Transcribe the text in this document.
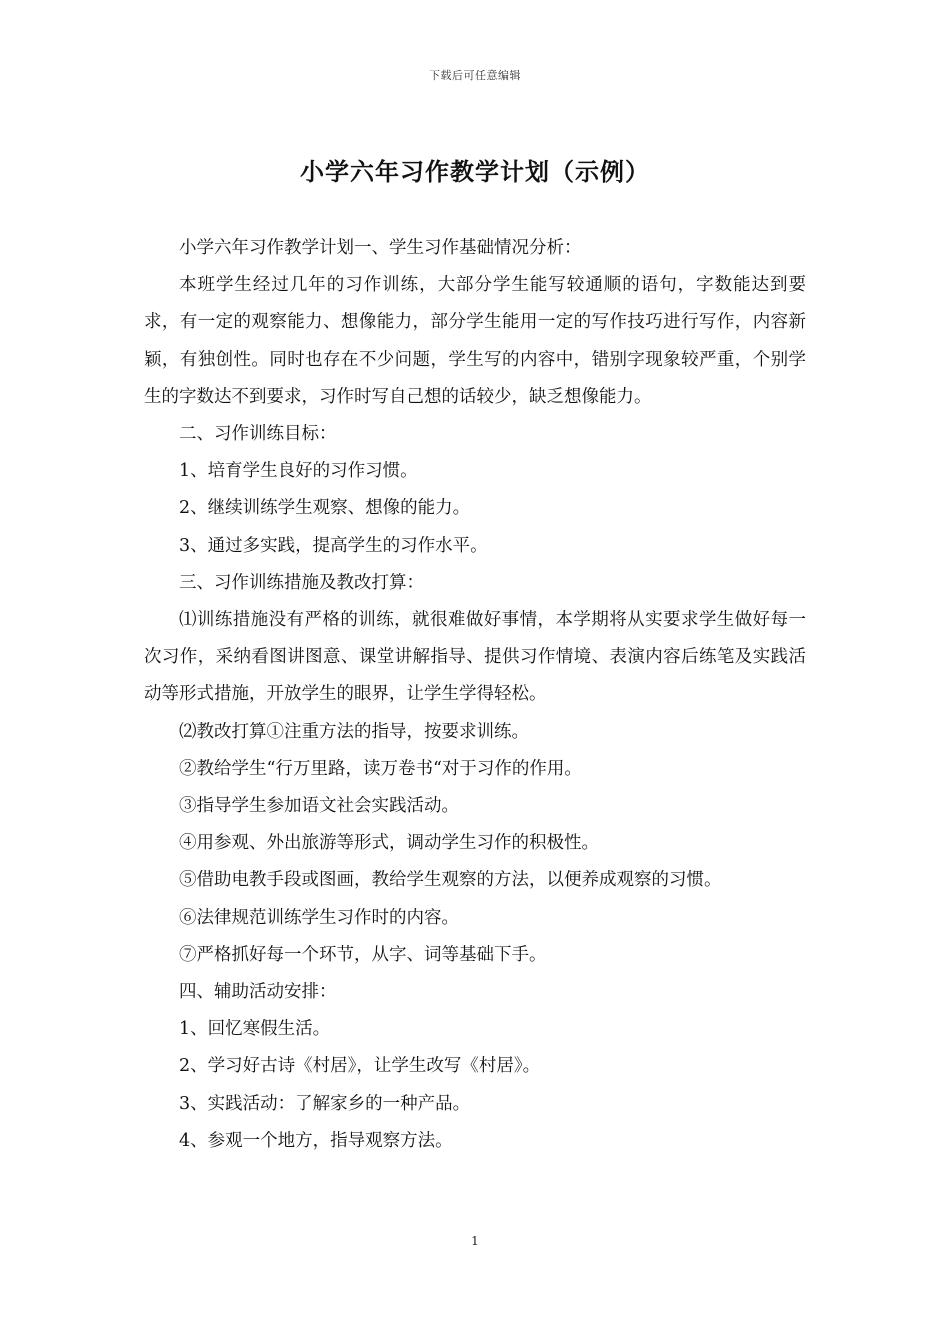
下载后可任意编辑
小学六年习作教学计划（示例）

小学六年习作教学计划一、学生习作基础情况分析：

本班学生经过几年的习作训练，大部分学生能写较通顺的语句，字数能达到要求，有一定的观察能力、想像能力，部分学生能用一定的写作技巧进行写作，内容新颖，有独创性。同时也存在不少问题，学生写的内容中，错别字现象较严重，个别学生的字数达不到要求，习作时写自己想的话较少，缺乏想像能力。

二、习作训练目标：

1、培育学生良好的习作习惯。

2、继续训练学生观察、想像的能力。

3、通过多实践，提高学生的习作水平。

三、习作训练措施及教改打算：

⑴训练措施没有严格的训练，就很难做好事情，本学期将从实要求学生做好每一次习作，采纳看图讲图意、课堂讲解指导、提供习作情境、表演内容后练笔及实践活动等形式措施，开放学生的眼界，让学生学得轻松。

⑵教改打算①注重方法的指导，按要求训练。

②教给学生“行万里路，读万卷书“对于习作的作用。

③指导学生参加语文社会实践活动。

④用参观、外出旅游等形式，调动学生习作的积极性。

⑤借助电教手段或图画，教给学生观察的方法，以便养成观察的习惯。

⑥法律规范训练学生习作时的内容。

⑦严格抓好每一个环节，从字、词等基础下手。

四、辅助活动安排：

1、回忆寒假生活。

2、学习好古诗《村居》，让学生改写《村居》。

3、实践活动：了解家乡的一种产品。

4、参观一个地方，指导观察方法。

1
